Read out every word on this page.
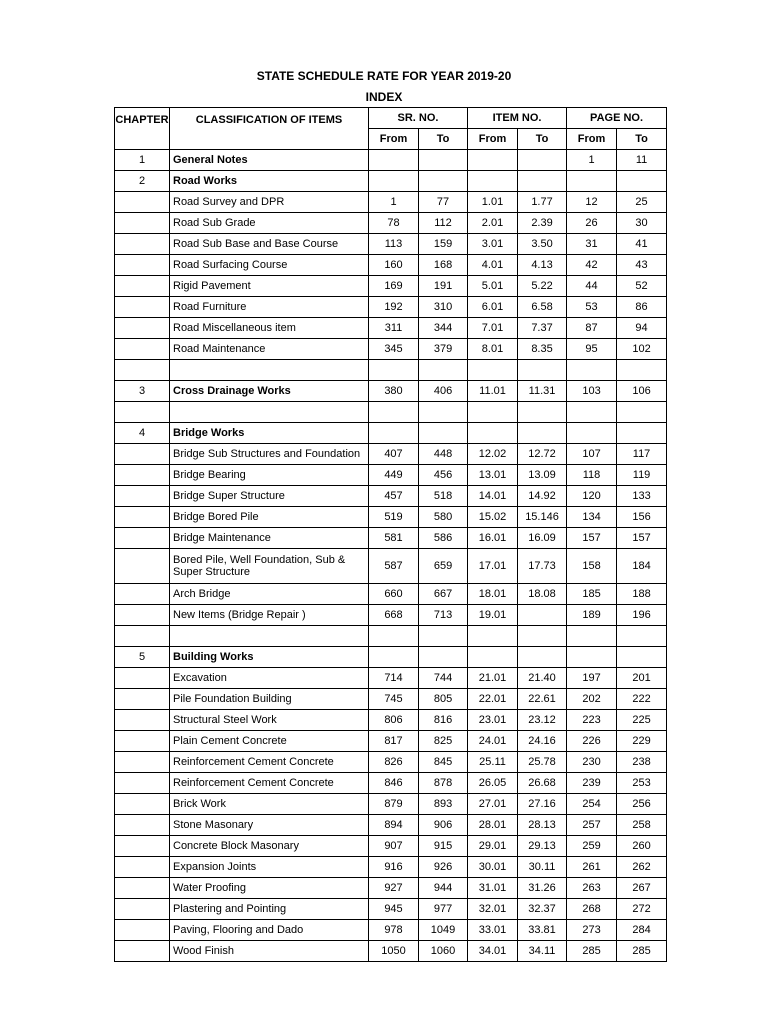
STATE SCHEDULE RATE FOR YEAR 2019-20
INDEX
CHAPTER	CLASSIFICATION OF ITEMS	SR. NO.		ITEM NO.		PAGE NO.	
		From	To	From	To	From	To
1	General Notes					1	11
2	Road Works						
	Road Survey and DPR	1	77	1.01	1.77	12	25
	Road Sub Grade	78	112	2.01	2.39	26	30
	Road Sub Base and Base Course	113	159	3.01	3.50	31	41
	Road Surfacing Course	160	168	4.01	4.13	42	43
	Rigid Pavement	169	191	5.01	5.22	44	52
	Road Furniture	192	310	6.01	6.58	53	86
	Road Miscellaneous item	311	344	7.01	7.37	87	94
	Road Maintenance	345	379	8.01	8.35	95	102

3	Cross Drainage Works	380	406	11.01	11.31	103	106

4	Bridge Works						
	Bridge Sub Structures and Foundation	407	448	12.02	12.72	107	117
	Bridge Bearing	449	456	13.01	13.09	118	119
	Bridge Super Structure	457	518	14.01	14.92	120	133
	Bridge Bored Pile	519	580	15.02	15.146	134	156
	Bridge Maintenance	581	586	16.01	16.09	157	157
	Bored Pile, Well Foundation, Sub & Super Structure	587	659	17.01	17.73	158	184
	Arch Bridge	660	667	18.01	18.08	185	188
	New Items (Bridge Repair )	668	713	19.01		189	196

5	Building Works						
	Excavation	714	744	21.01	21.40	197	201
	Pile Foundation Building	745	805	22.01	22.61	202	222
	Structural Steel Work	806	816	23.01	23.12	223	225
	Plain Cement Concrete	817	825	24.01	24.16	226	229
	Reinforcement Cement Concrete	826	845	25.11	25.78	230	238
	Reinforcement Cement Concrete	846	878	26.05	26.68	239	253
	Brick Work	879	893	27.01	27.16	254	256
	Stone Masonary	894	906	28.01	28.13	257	258
	Concrete Block Masonary	907	915	29.01	29.13	259	260
	Expansion Joints	916	926	30.01	30.11	261	262
	Water Proofing	927	944	31.01	31.26	263	267
	Plastering and Pointing	945	977	32.01	32.37	268	272
	Paving, Flooring and Dado	978	1049	33.01	33.81	273	284
	Wood Finish	1050	1060	34.01	34.11	285	285
